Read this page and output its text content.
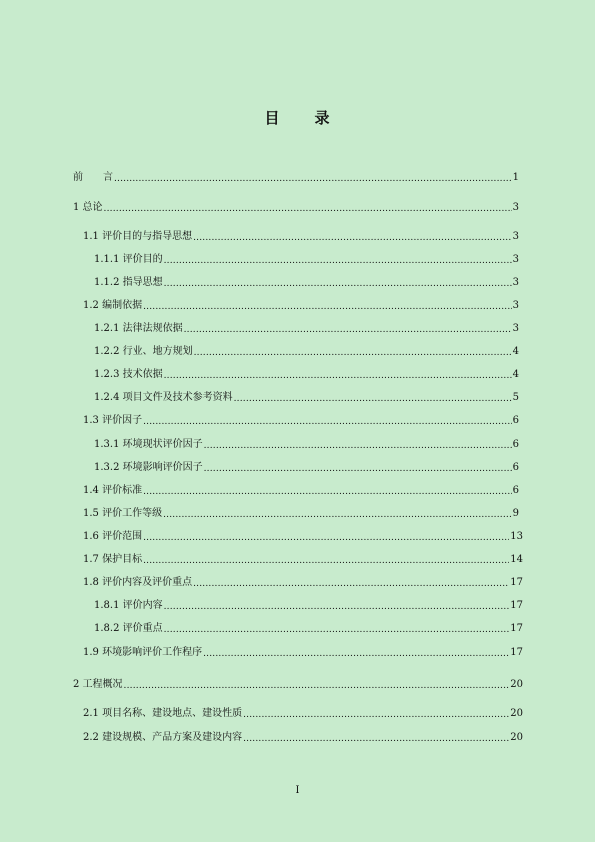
目 录
前　　言 .....	1
1 总论 .....	3
1.1 评价目的与指导思想 .....	3
1.1.1 评价目的 .....	3
1.1.2 指导思想 .....	3
1.2 编制依据 .....	3
1.2.1 法律法规依据 .....	3
1.2.2 行业、地方规划 .....	4
1.2.3 技术依据 .....	4
1.2.4 项目文件及技术参考资料 .....	5
1.3 评价因子 .....	6
1.3.1 环境现状评价因子 .....	6
1.3.2 环境影响评价因子 .....	6
1.4 评价标准 .....	6
1.5 评价工作等级 .....	9
1.6 评价范围 .....	13
1.7 保护目标 .....	14
1.8 评价内容及评价重点 .....	17
1.8.1 评价内容 .....	17
1.8.2 评价重点 .....	17
1.9 环境影响评价工作程序 .....	17
2 工程概况 .....	20
2.1 项目名称、建设地点、建设性质 .....	20
2.2 建设规模、产品方案及建设内容 .....	20
I
